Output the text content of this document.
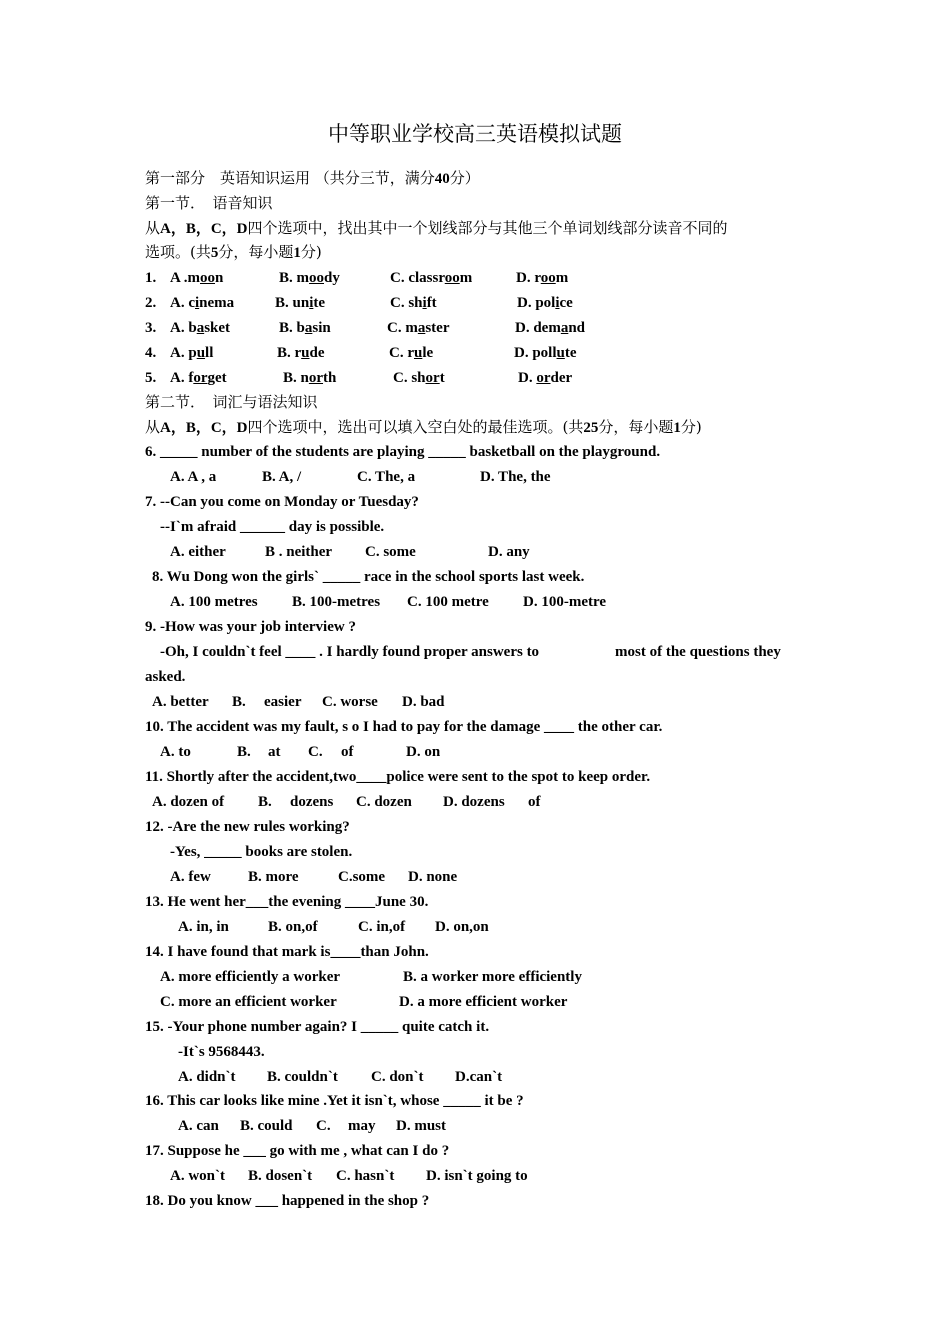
中等职业学校高三英语模拟试题
第一部分　英语知识运用 （共分三节，满分40分）
第一节．　语音知识
从A，B，C，D四个选项中，找出其中一个划线部分与其他三个单词划线部分读音不同的
选项。(共5分，每小题1分)
1. A .moon	B. moody	C. classroom	D. room
2. A. cinema	B. unite	C. shift	D. police
3. A. basket	B. basin	C. master	D. demand
4. A. pull	B. rude	C. rule	D. pollute
5. A. forget	B. north	C. short	D. order
第二节．　词汇与语法知识
从A，B，C，D四个选项中，选出可以填入空白处的最佳选项。(共25分，每小题1分)
6. _____ number of the students are playing _____ basketball on the playground.
A. A , a	B. A, /	C. The, a	D. The, the
7. --Can you come on Monday or Tuesday?
--I`m afraid ______ day is possible.
A. either	B . neither C. some	D. any
8. Wu Dong won the girls` _____ race in the school sports last week.
A. 100 metres B. 100-metres C. 100 metre D. 100-metre
9. -How was your job interview ?
-Oh, I couldn`t feel ____ . I hardly found proper answers to	most of the questions they
asked.
A. better B. easier C. worse D. bad
10. The accident was my fault, s o I had to pay for the damage ____ the other car.
A. to	B. at C. of	D. on
11. Shortly after the accident,two____police were sent to the spot to keep order.
A. dozen of B. dozens C. dozen D. dozens of
12. -Are the new rules working?
-Yes, _____ books are stolen.
A. few B. more	C.some D. none
13. He went her___the evening ____June 30.
A. in, in	B. on,of	C. in,of D. on,on
14. I have found that mark is____than John.
A. more efficiently a worker	B. a worker more efficiently
C. more an efficient worker	D. a more efficient worker
15. -Your phone number again? I _____ quite catch it.
-It`s 9568443.
A. didn`t B. couldn`t C. don`t D.can`t
16. This car looks like mine .Yet it isn`t, whose _____ it be ?
A. can B. could C. may D. must
17. Suppose he ___ go with me , what can I do ?
A. won`t B. dosen`t C. hasn`t D. isn`t going to
18. Do you know ___ happened in the shop ?
